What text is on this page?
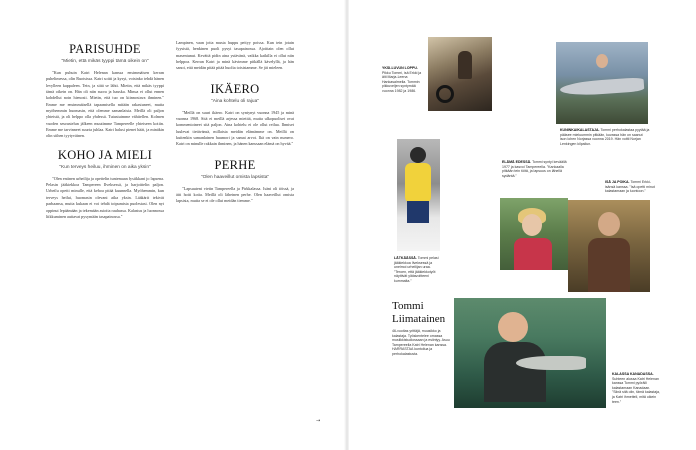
PARISUHDE
"Mietin, että mikäs tyyppi tämä oikein on"

"Kun puhuin Katri Helenan kanssa ensimmäisen kerran puhelimessa, olin Ruotsissa. Katri soitti ja kysyi, voisinko tehdä hänen levylleen kappaleen. Tein, ja siitä se lähti. Mietin, että mikäs tyyppi tämä oikein on. Hän oli niin suora ja hauska. Minua ei ollut ennen kohdellut noin hienosti. Mietin, että tuo on kiinnostava ihminen." Emme me ensimmäisellä tapaamisella mitään rakastuneet, mutta myöhemmin huomasin, että olemme samanlaisia. Meillä oli paljon yhteistä, ja oli helppo olla yhdessä. Tutustuimme vähitellen. Kolmen vuoden seurustelun jälkeen muutimme Tampereelle yhteiseen kotiin. Emme me tarvinneet suurta juhlaa. Katri halusi pienet häät, ja minäkin olin siihen tyytyväinen.

KOHO JA MIELI
"Kun terveys heiluu, ihminen on aika yksin"

"Olen entinen urheilija ja opettelin tuntemaan fysiikkani jo lapsena. Pelasin jääkiekkoa Tampereen Ilveksessä, ja harjoittelin paljon. Urheilu opetti minulle, että kehoa pitää kuunnella. Myöhemmin, kun terveys heilui, huomasin olevani aika yksin. Lääkärit tekivät parhaansa, mutta kukaan ei voi tehdä toipumista puolestasi. Olen nyt oppinut lepäämään ja tekemään asioita rauhassa. Kalastus ja luonnossa liikkuminen auttavat pysymään tasapainossa."

Lampinen, vaan jotta musta huppu peityy poissa. Kun tein jotain fyysistä, henkinen puoli pysyi tasapainossa. Ajoittain olen ollut masentunut. Kevättä pidin aina ystävänä, vaikka kaikilla ei ollut niin helppoa. Kerran Katri ja minä kävimme pitkällä kävelyllä, ja hän sanoi, että meidän pitää pitää huolta toisistamme. Se jäi mieleen.

IKÄERO
"Aina kohtelu oli rajua"

"Meillä on suuri ikäero. Katri on syntynyt vuonna 1945 ja minä vuonna 1968. Sitä ei meillä arjessa mietitä, mutta ulkopuoliset ovat kommentoineet sitä paljon. Aina kohtelu ei ole ollut reilua. Ihmiset luulevat tietävänsä, millaista meidän elämämme on. Meillä on kuitenkin samanlainen huumori ja samat arvot. Ikä on vain numero. Katri on minulle rakkain ihminen, ja hänen kanssaan elämä on hyvää."

PERHE
"Olen haaveillut omista lapsista"

"Lapsuuteni vietin Tampereella ja Pirkkalassa. Isäni oli töissä, ja äiti hoiti kotia. Meillä oli läheinen perhe. Olen haaveillut omista lapsista, mutta se ei ole ollut meidän tiemme."

→
YKSI-LUVUN LOPPU. Pikku Tommi, isä Erkki ja äiti Marja-Leena Hankasalmella. Tommin pikkuveljen syntymää vuonna 1982 ja 1986.
KUNINKAIKALASTAJA. Tommi perhokalastaa pyytää ja pääsee mieluummin pitkään, kuvassa hän on saanut ison lohen Norjassa vuonna 2019. Hän voitti Norjan Lenkingen kilpailun.
LÄTKÄÄSSÄ. Tommi pelasi jääkiekkoa Ilveksessä ja unelmoi urheilijan uraa. "Teroen, että jääkiekkotyöt näyttivät ylätavoitteeni kummalta."
ELÄMÄ EDESSÄ. Tommi syntyi keväällä 1977 ja kasvoi Tampereella. "Kankaalla pitkään tein töitä, ja lapsuus on lähellä sydäntä."
ISÄ JA POIKA. Tommi Erkki-isänsä kanssa. "Isä opetti minut kalastamaan ja luontoon."
KALASSA KANADASSA. Suhteen alussa Katri Helenan kanssa Tommi pyöräili kalastamaan Kanadaan. "Siinä sitä olin, tämä kalastaja, ja Katri ihmetteli, mitä oikein teen."
Tommi Liimatainen
46-vuotias yrittäjä, muusikko ja kalastaja. Työskentelee omassa musiikkistudiossaan ja esiintyy. Asuu Tampereella Katri Helenan kanssa. HARRASTAA kuntoilua ja perhokalastusta.
